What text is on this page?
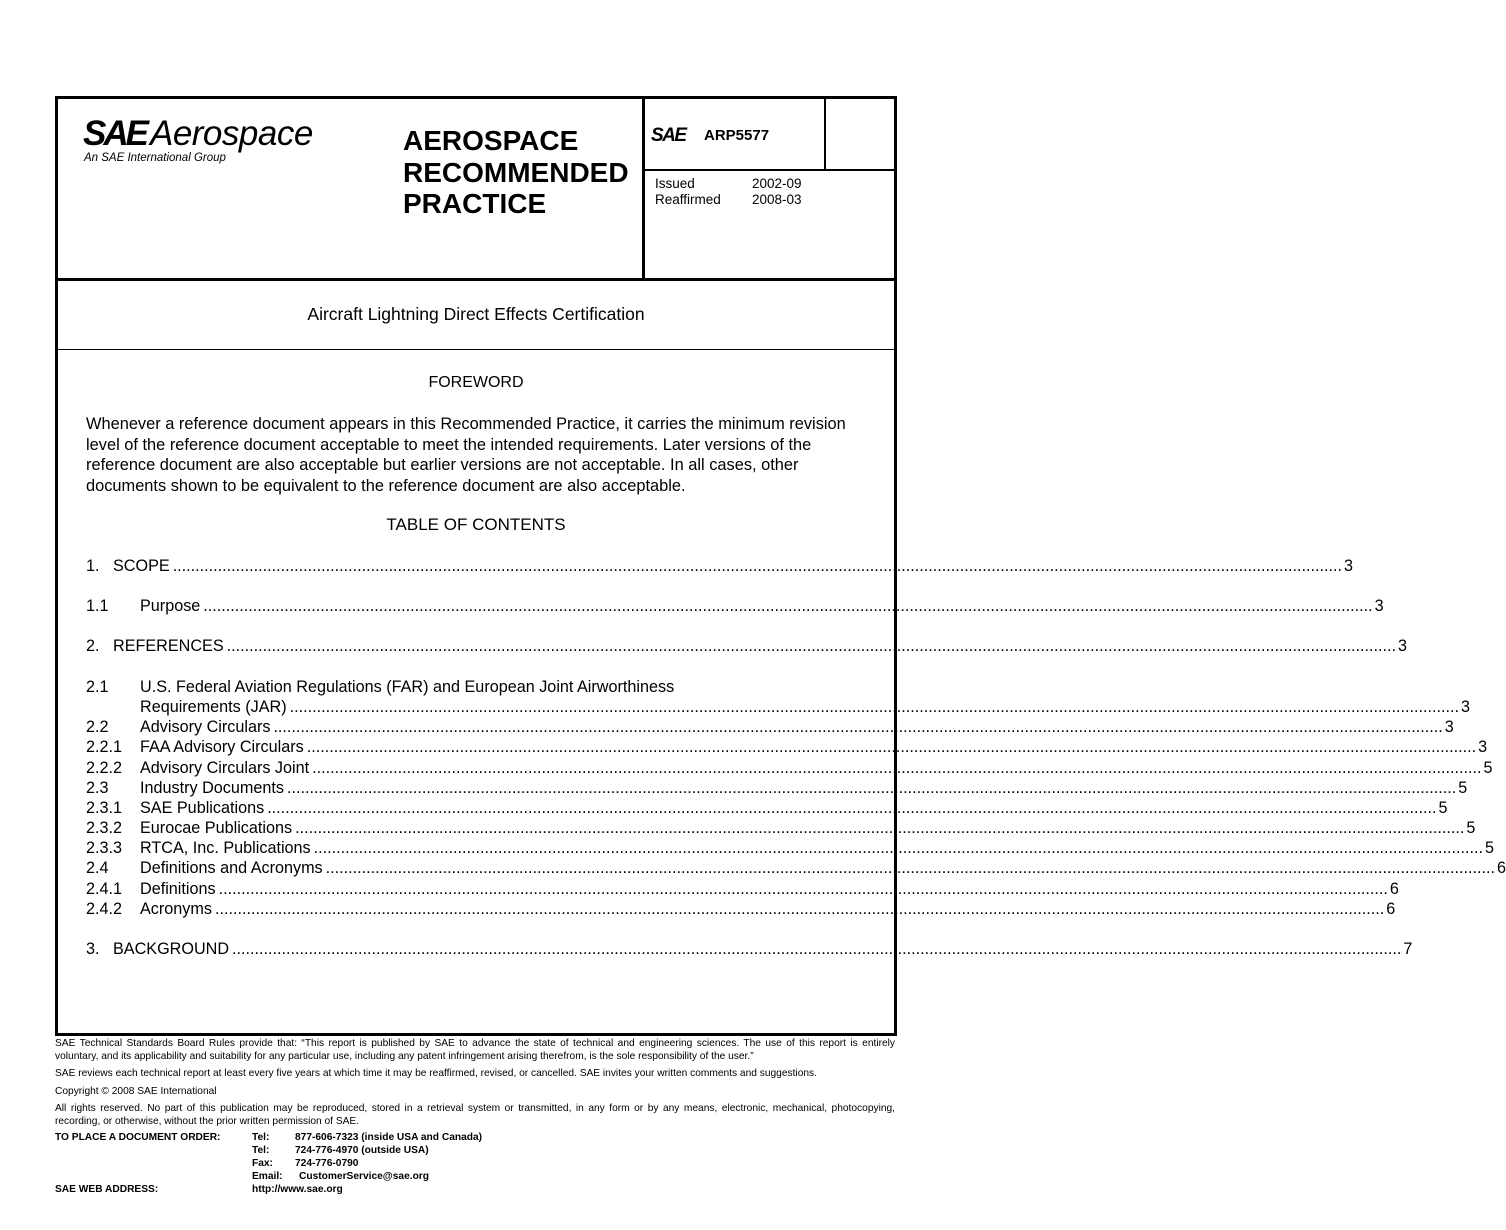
SAE Aerospace
An SAE International Group
AEROSPACE
RECOMMENDED
PRACTICE
SAE ARP5577
Issued	2002-09
Reaffirmed	2008-03
Aircraft Lightning Direct Effects Certification
FOREWORD
Whenever a reference document appears in this Recommended Practice, it carries the minimum revision level of the reference document acceptable to meet the intended requirements. Later versions of the reference document are also acceptable but earlier versions are not acceptable. In all cases, other documents shown to be equivalent to the reference document are also acceptable.
TABLE OF CONTENTS
1. SCOPE .................................................................................................................................................................................................................................................................... 3
1.1 Purpose .................................................................................................................................................................................................................................................................... 3
2. REFERENCES .................................................................................................................................................................................................................................................................... 3
2.1 U.S. Federal Aviation Regulations (FAR) and European Joint Airworthiness
Requirements (JAR) .................................................................................................................................................................................................................................................................... 3
2.2 Advisory Circulars .................................................................................................................................................................................................................................................................... 3
2.2.1 FAA Advisory Circulars .................................................................................................................................................................................................................................................................... 3
2.2.2 Advisory Circulars Joint .................................................................................................................................................................................................................................................................... 5
2.3 Industry Documents .................................................................................................................................................................................................................................................................... 5
2.3.1 SAE Publications .................................................................................................................................................................................................................................................................... 5
2.3.2 Eurocae Publications .................................................................................................................................................................................................................................................................... 5
2.3.3 RTCA, Inc. Publications .................................................................................................................................................................................................................................................................... 5
2.4 Definitions and Acronyms .................................................................................................................................................................................................................................................................... 6
2.4.1 Definitions .................................................................................................................................................................................................................................................................... 6
2.4.2 Acronyms .................................................................................................................................................................................................................................................................... 6
3. BACKGROUND .................................................................................................................................................................................................................................................................... 7

SAE Technical Standards Board Rules provide that: “This report is published by SAE to advance the state of technical and engineering sciences. The use of this report is entirely voluntary, and its applicability and suitability for any particular use, including any patent infringement arising therefrom, is the sole responsibility of the user.”

SAE reviews each technical report at least every five years at which time it may be reaffirmed, revised, or cancelled. SAE invites your written comments and suggestions.

Copyright © 2008 SAE International

All rights reserved. No part of this publication may be reproduced, stored in a retrieval system or transmitted, in any form or by any means, electronic, mechanical, photocopying, recording, or otherwise, without the prior written permission of SAE.

TO PLACE A DOCUMENT ORDER:	Tel:	877-606-7323 (inside USA and Canada)
Tel:	724-776-4970 (outside USA)
Fax: 724-776-0790
Email: CustomerService@sae.org
SAE WEB ADDRESS:	http://www.sae.org
